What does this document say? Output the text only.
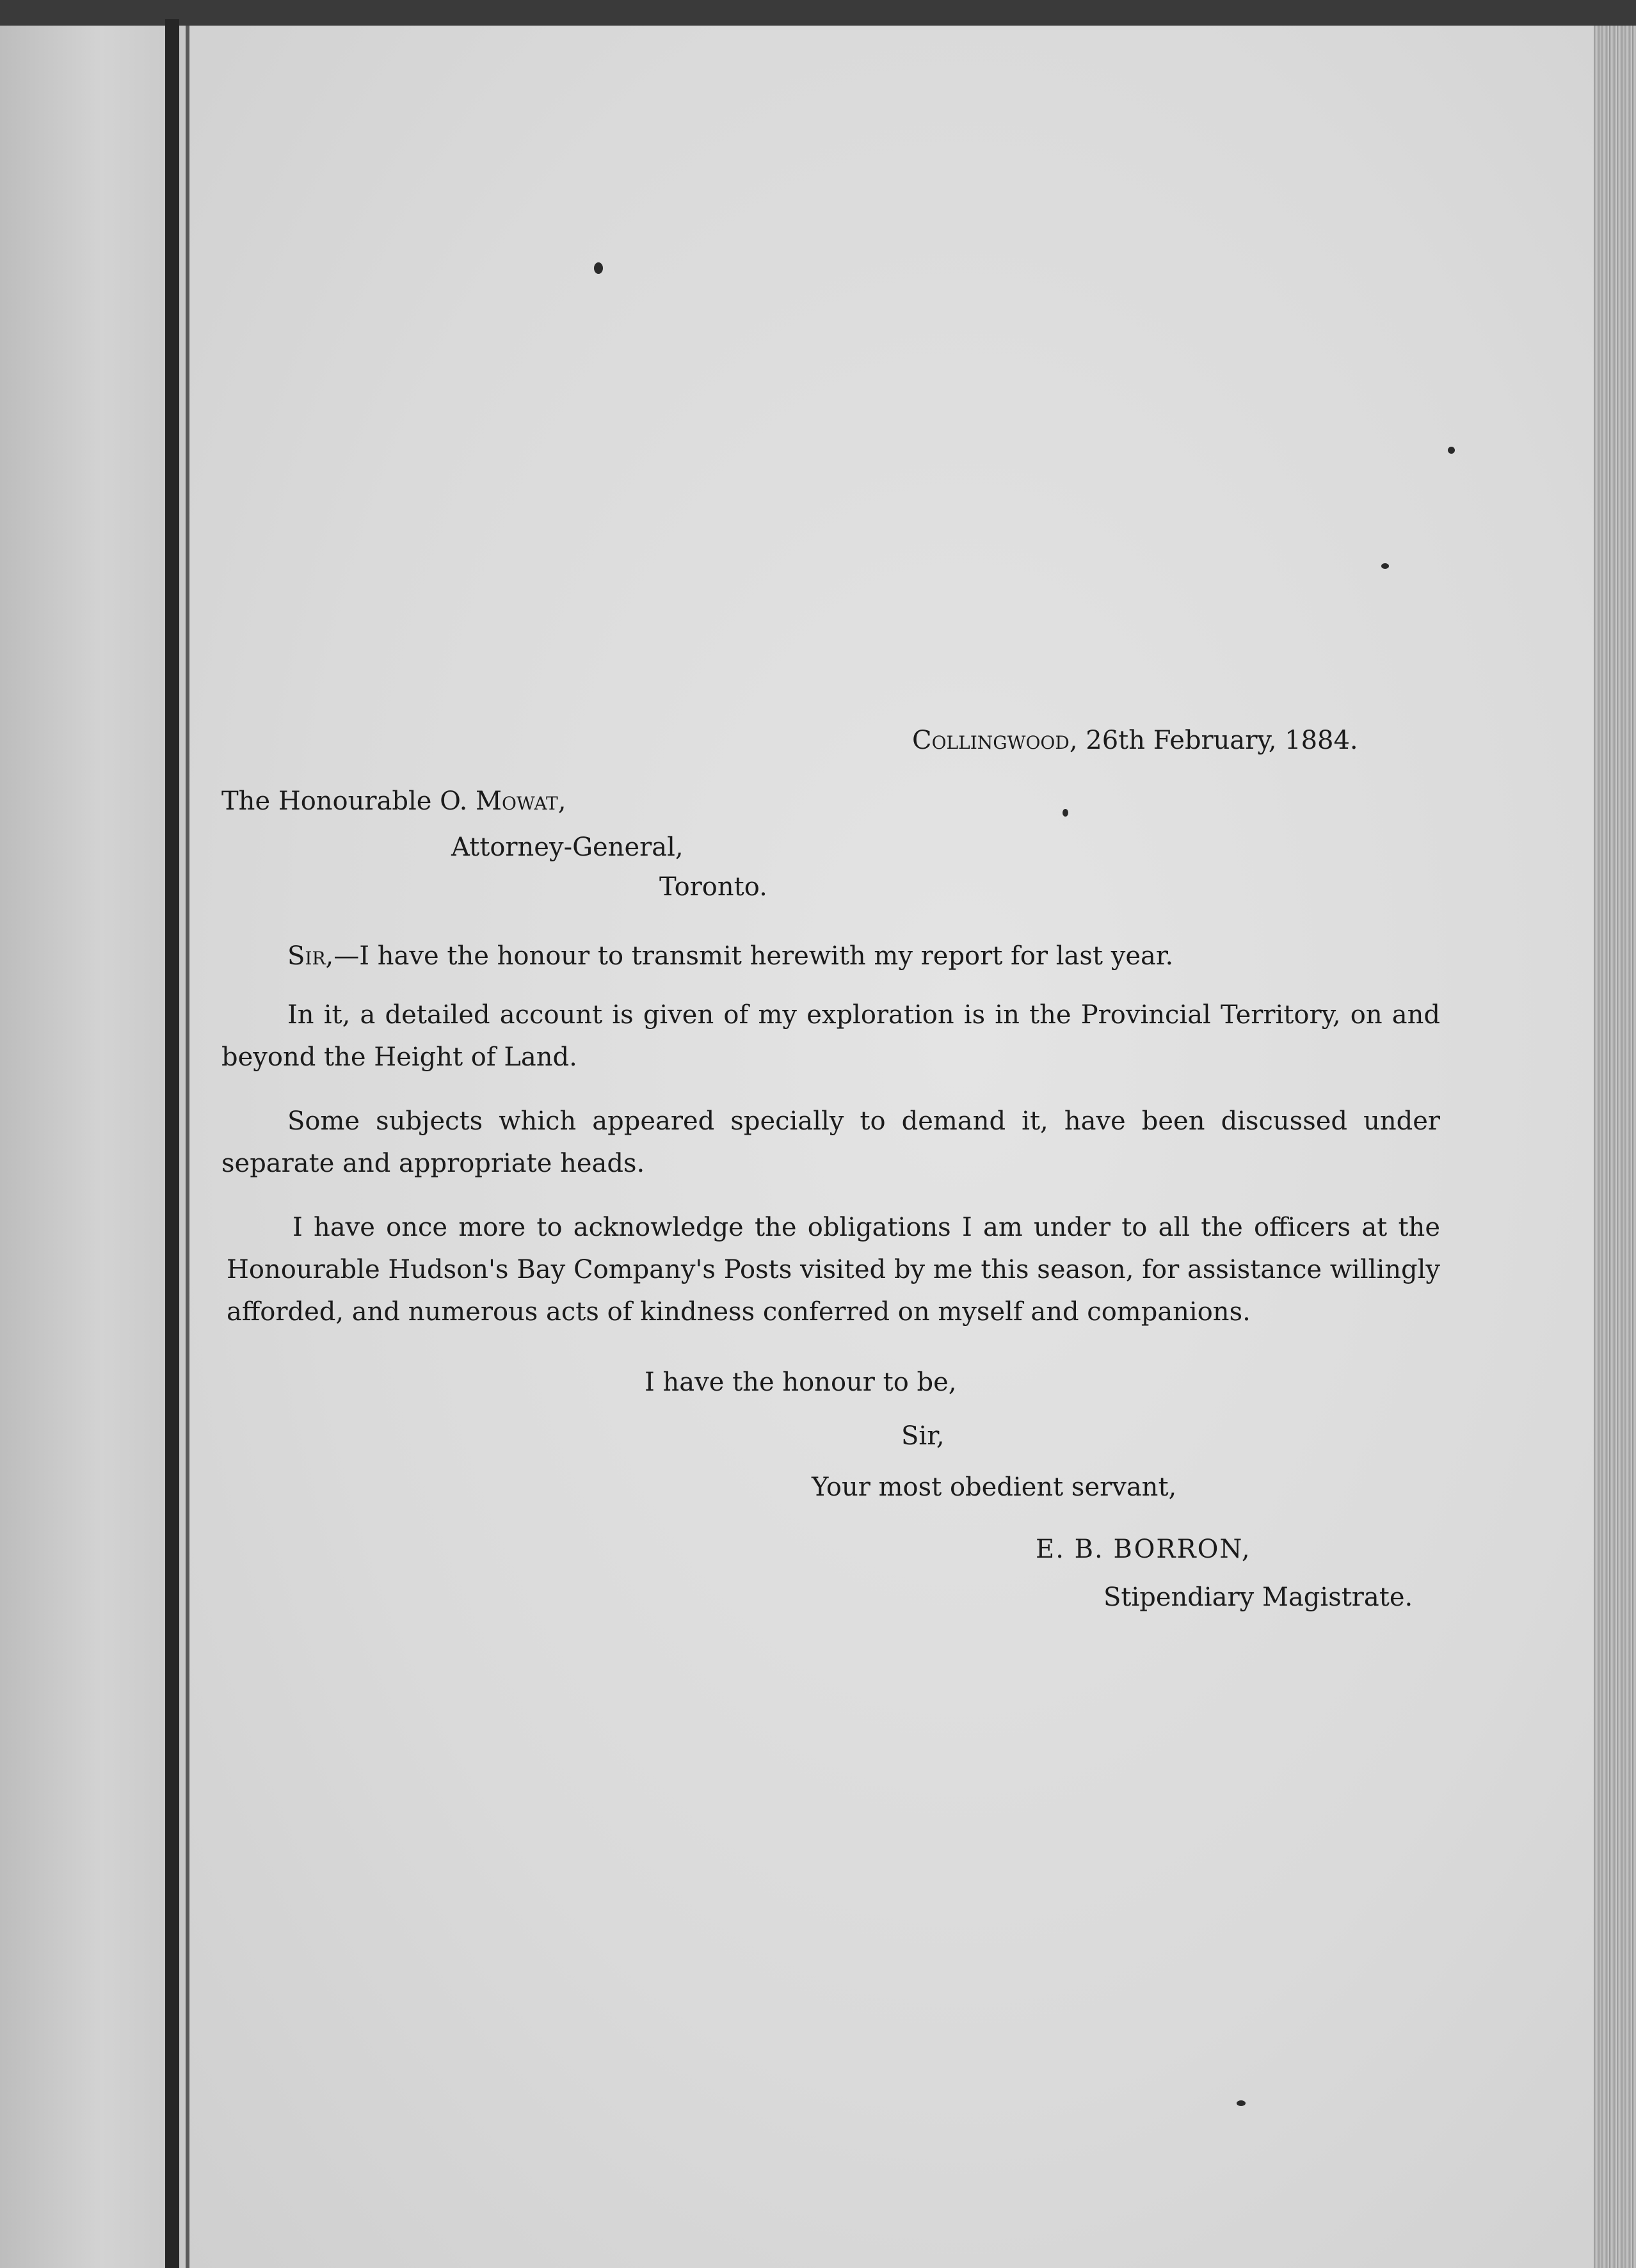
Collingwood, 26th February, 1884.
The Honourable O. Mowat,
Attorney-General,
Toronto.
Sir,—I have the honour to transmit herewith my report for last year.
In it, a detailed account is given of my exploration is in the Provincial Territory, on and beyond the Height of Land.
Some subjects which appeared specially to demand it, have been discussed under separate and appropriate heads.
I have once more to acknowledge the obligations I am under to all the officers at the Honourable Hudson's Bay Company's Posts visited by me this season, for assistance willingly afforded, and numerous acts of kindness conferred on myself and companions.
I have the honour to be,
Sir,
Your most obedient servant,
E. B. BORRON,
Stipendiary Magistrate.
